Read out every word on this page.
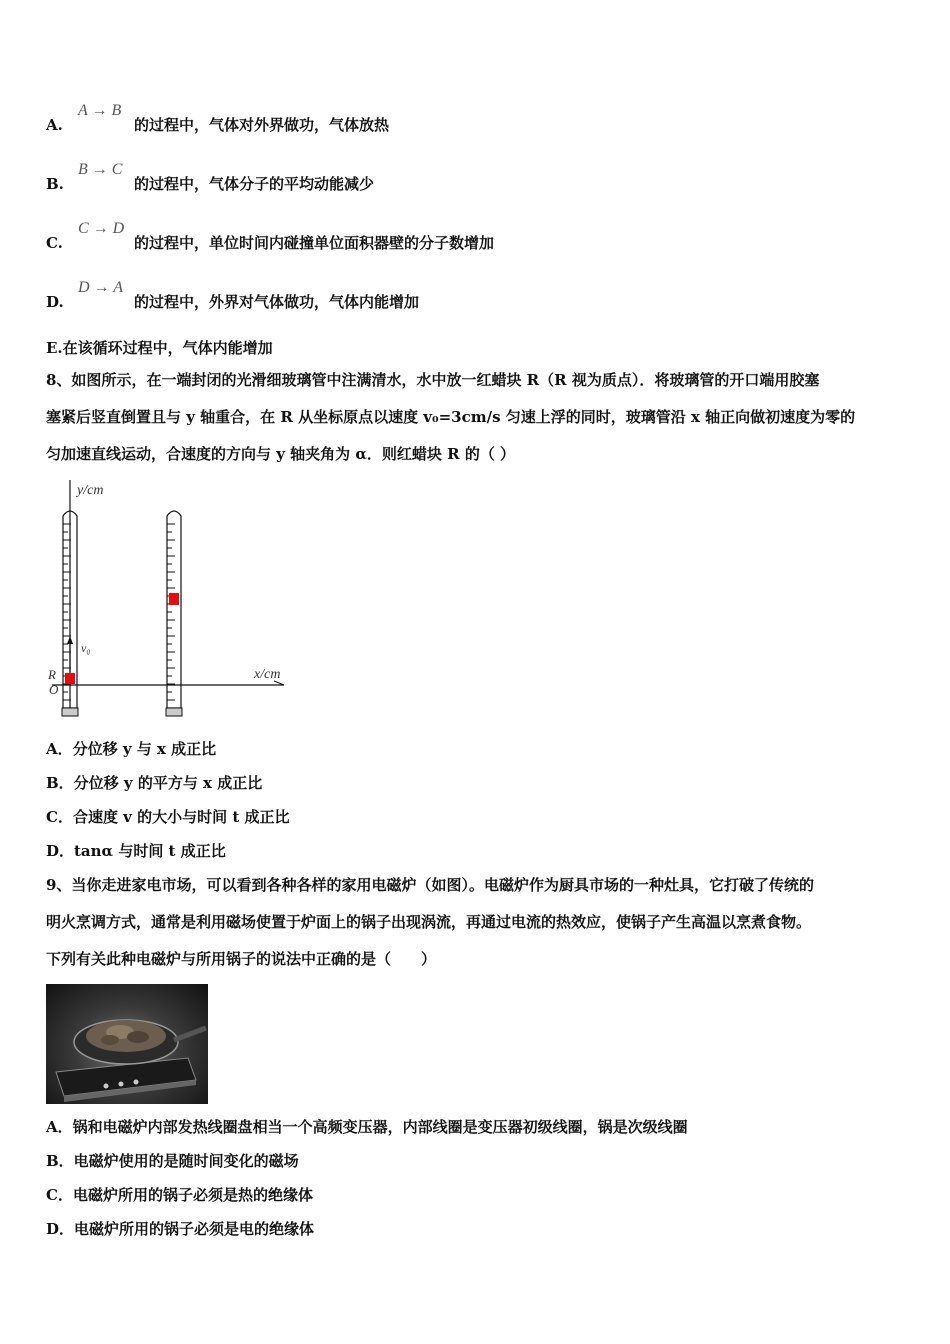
A.
A → B
的过程中，气体对外界做功，气体放热
B.
B → C
的过程中，气体分子的平均动能减少
C.
C → D
的过程中，单位时间内碰撞单位面积器壁的分子数增加
D.
D → A
的过程中，外界对气体做功，气体内能增加
E.在该循环过程中，气体内能增加
8、如图所示，在一端封闭的光滑细玻璃管中注满清水，水中放一红蜡块 R（R 视为质点）．将玻璃管的开口端用胶塞
塞紧后竖直倒置且与 y 轴重合，在 R 从坐标原点以速度 v₀=3cm/s 匀速上浮的同时，玻璃管沿 x 轴正向做初速度为零的
匀加速直线运动，合速度的方向与 y 轴夹角为 α．则红蜡块 R 的（ ）
y/cm
x/cm
O
R
v₀
A．分位移 y 与 x 成正比
B．分位移 y 的平方与 x 成正比
C．合速度 v 的大小与时间 t 成正比
D．tanα 与时间 t 成正比
9、当你走进家电市场，可以看到各种各样的家用电磁炉（如图）。电磁炉作为厨具市场的一种灶具，它打破了传统的
明火烹调方式，通常是利用磁场使置于炉面上的锅子出现涡流，再通过电流的热效应，使锅子产生高温以烹煮食物。
下列有关此种电磁炉与所用锅子的说法中正确的是（　　）
A．锅和电磁炉内部发热线圈盘相当一个高频变压器，内部线圈是变压器初级线圈，锅是次级线圈
B．电磁炉使用的是随时间变化的磁场
C．电磁炉所用的锅子必须是热的绝缘体
D．电磁炉所用的锅子必须是电的绝缘体
